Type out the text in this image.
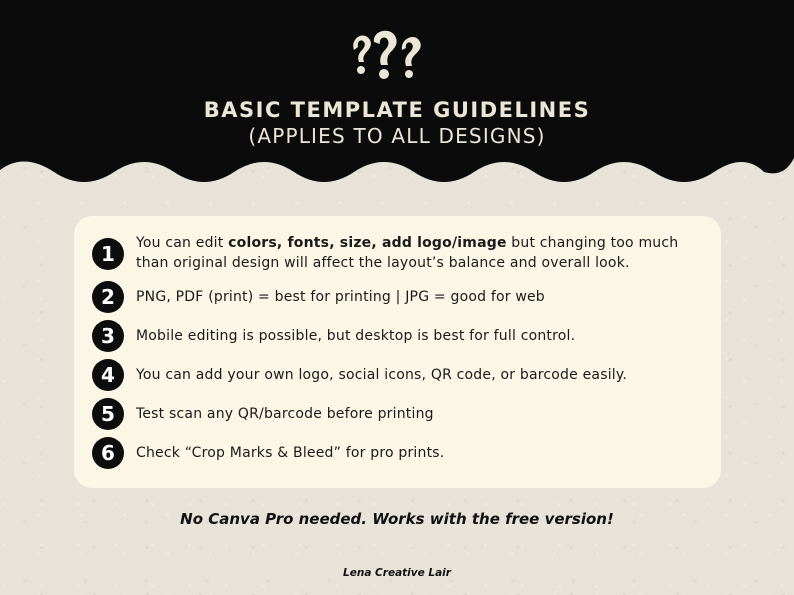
BASIC TEMPLATE GUIDELINES
(APPLIES TO ALL DESIGNS)
1	You can edit colors, fonts, size, add logo/image but changing too much than original design will affect the layout’s balance and overall look.
2	PNG, PDF (print) = best for printing | JPG = good for web
3	Mobile editing is possible, but desktop is best for full control.
4	You can add your own logo, social icons, QR code, or barcode easily.
5	Test scan any QR/barcode before printing
6	Check “Crop Marks & Bleed” for pro prints.
No Canva Pro needed. Works with the free version!
Lena Creative Lair
